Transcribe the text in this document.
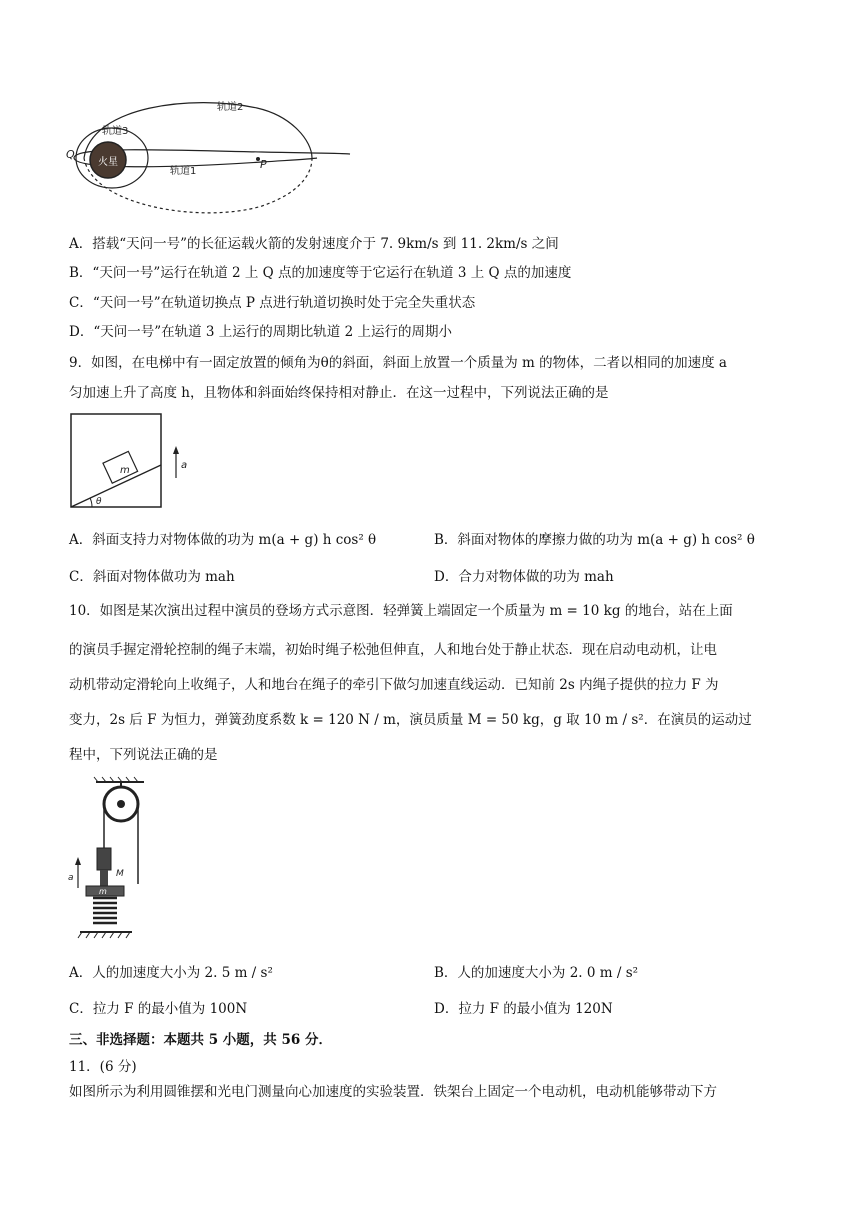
火星
轨道2
轨道3
轨道1
Q
P
A．搭载“天问一号”的长征运载火箭的发射速度介于 7. 9km/s 到 11. 2km/s 之间
B．“天问一号”运行在轨道 2 上 Q 点的加速度等于它运行在轨道 3 上 Q 点的加速度
C．“天问一号”在轨道切换点 P 点进行轨道切换时处于完全失重状态
D．“天问一号”在轨道 3 上运行的周期比轨道 2 上运行的周期小
9．如图，在电梯中有一固定放置的倾角为θ的斜面，斜面上放置一个质量为 m 的物体，二者以相同的加速度 a
匀加速上升了高度 h，且物体和斜面始终保持相对静止．在这一过程中，下列说法正确的是
m	a
θ
A．斜面支持力对物体做的功为 m(a + g) h cos² θ	B．斜面对物体的摩擦力做的功为 m(a + g) h cos² θ
C．斜面对物体做功为 mah	D．合力对物体做的功为 mah
10．如图是某次演出过程中演员的登场方式示意图．轻弹簧上端固定一个质量为 m = 10 kg 的地台，站在上面
的演员手握定滑轮控制的绳子末端，初始时绳子松弛但伸直，人和地台处于静止状态．现在启动电动机，让电
动机带动定滑轮向上收绳子，人和地台在绳子的牵引下做匀加速直线运动．已知前 2s 内绳子提供的拉力 F 为
变力，2s 后 F 为恒力，弹簧劲度系数 k = 120 N / m，演员质量 M = 50 kg，g 取 10 m / s²．在演员的运动过
程中，下列说法正确的是
m
a	M
A．人的加速度大小为 2. 5 m / s²	B．人的加速度大小为 2. 0 m / s²
C．拉力 F 的最小值为 100N	D．拉力 F 的最小值为 120N
三、非选择题：本题共 5 小题，共 56 分．
11．(6 分)
如图所示为利用圆锥摆和光电门测量向心加速度的实验装置．铁架台上固定一个电动机，电动机能够带动下方
